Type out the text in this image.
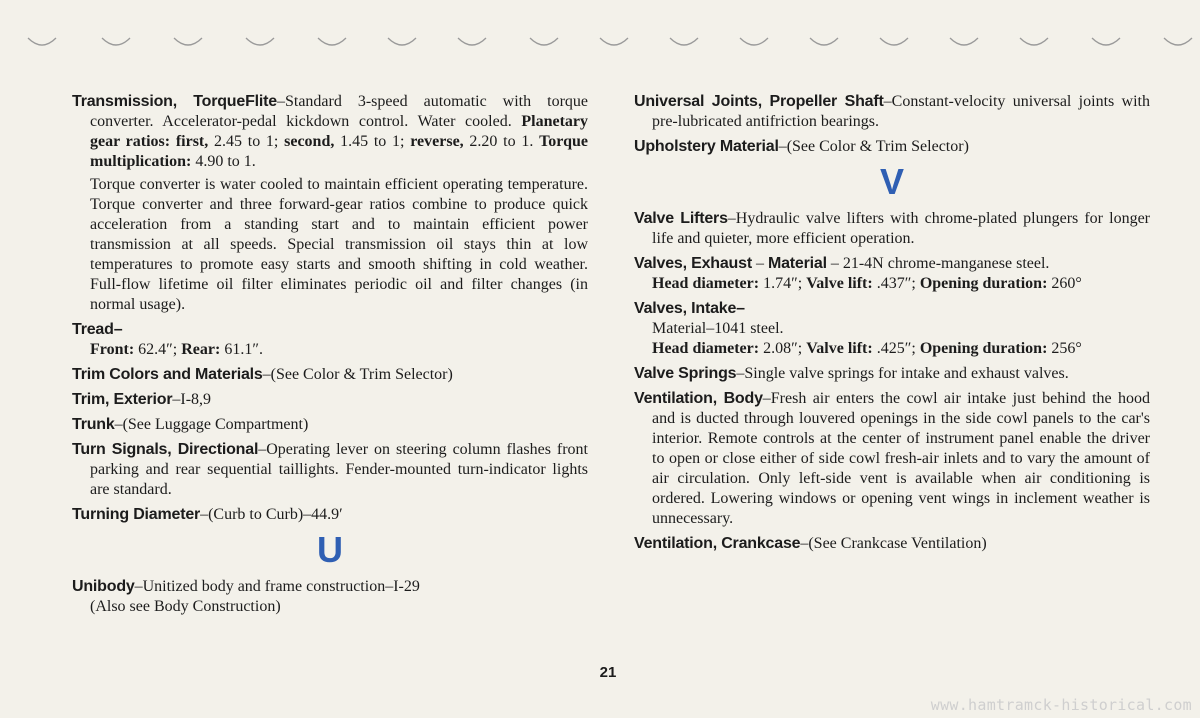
Transmission, TorqueFlite–Standard 3-speed automatic with torque converter. Accelerator-pedal kickdown control. Water cooled. Planetary gear ratios: first, 2.45 to 1; second, 1.45 to 1; reverse, 2.20 to 1. Torque multiplication: 4.90 to 1.

Torque converter is water cooled to maintain efficient operating temperature. Torque converter and three forward-gear ratios combine to produce quick acceleration from a standing start and to maintain efficient power transmission at all speeds. Special transmission oil stays thin at low temperatures to promote easy starts and smooth shifting in cold weather. Full-flow lifetime oil filter eliminates periodic oil and filter changes (in normal usage).

Tread–

Front: 62.4″; Rear: 61.1″.

Trim Colors and Materials–(See Color & Trim Selector)

Trim, Exterior–I-8,9

Trunk–(See Luggage Compartment)

Turn Signals, Directional–Operating lever on steering column flashes front parking and rear sequential taillights. Fender-mounted turn-indicator lights are standard.

Turning Diameter–(Curb to Curb)–44.9′

U

Unibody–Unitized body and frame construction–I-29

(Also see Body Construction)

Universal Joints, Propeller Shaft–Constant-velocity universal joints with pre-lubricated antifriction bearings.

Upholstery Material–(See Color & Trim Selector)

V

Valve Lifters–Hydraulic valve lifters with chrome-plated plungers for longer life and quieter, more efficient operation.

Valves, Exhaust – Material – 21-4N chrome-manganese steel.

Head diameter: 1.74″; Valve lift: .437″; Opening duration: 260°

Valves, Intake–

Material–1041 steel.

Head diameter: 2.08″; Valve lift: .425″; Opening duration: 256°

Valve Springs–Single valve springs for intake and exhaust valves.

Ventilation, Body–Fresh air enters the cowl air intake just behind the hood and is ducted through louvered openings in the side cowl panels to the car's interior. Remote controls at the center of instrument panel enable the driver to open or close either of side cowl fresh-air inlets and to vary the amount of air circulation. Only left-side vent is available when air conditioning is ordered. Lowering windows or opening vent wings in inclement weather is unnecessary.

Ventilation, Crankcase–(See Crankcase Ventilation)

21
www.hamtramck-historical.com
